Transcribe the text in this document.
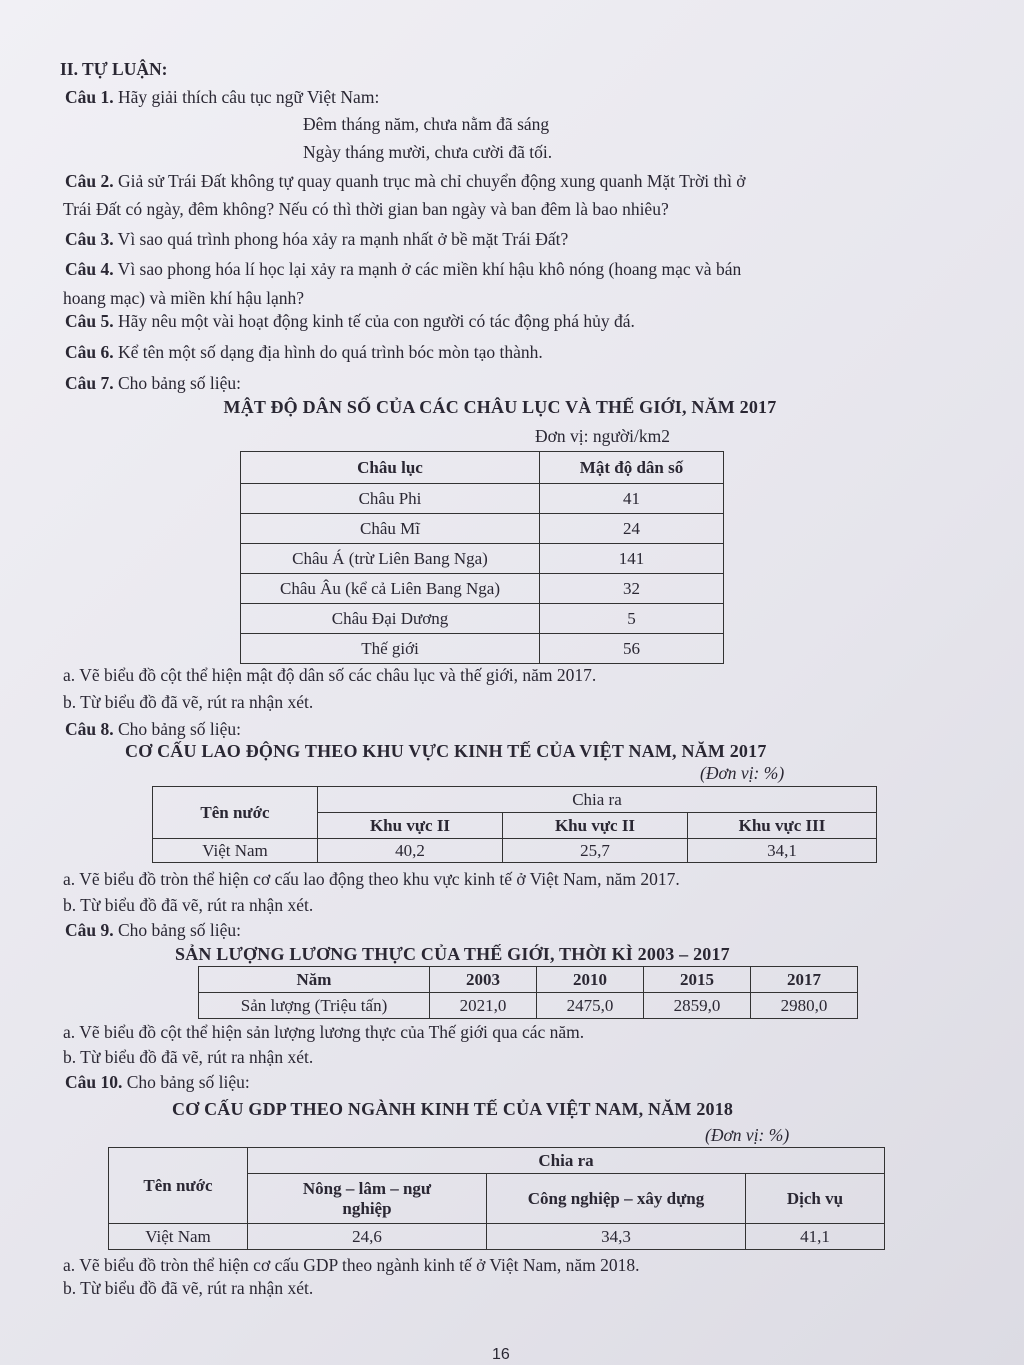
II. TỰ LUẬN:
Câu 1. Hãy giải thích câu tục ngữ Việt Nam:
Đêm tháng năm, chưa nằm đã sáng
Ngày tháng mười, chưa cười đã tối.
Câu 2. Giả sử Trái Đất không tự quay quanh trục mà chỉ chuyển động xung quanh Mặt Trời thì ở
Trái Đất có ngày, đêm không? Nếu có thì thời gian ban ngày và ban đêm là bao nhiêu?
Câu 3. Vì sao quá trình phong hóa xảy ra mạnh nhất ở bề mặt Trái Đất?
Câu 4. Vì sao phong hóa lí học lại xảy ra mạnh ở các miền khí hậu khô nóng (hoang mạc và bán
hoang mạc) và miền khí hậu lạnh?
Câu 5. Hãy nêu một vài hoạt động kinh tế của con người có tác động phá hủy đá.
Câu 6. Kể tên một số dạng địa hình do quá trình bóc mòn tạo thành.
Câu 7. Cho bảng số liệu:
MẬT ĐỘ DÂN SỐ CỦA CÁC CHÂU LỤC VÀ THẾ GIỚI, NĂM 2017
Đơn vị: người/km2
Châu lục	Mật độ dân số
Châu Phi	41
Châu Mĩ	24
Châu Á (trừ Liên Bang Nga)	141
Châu Âu (kể cả Liên Bang Nga)	32
Châu Đại Dương	5
Thế giới	56
a. Vẽ biểu đồ cột thể hiện mật độ dân số các châu lục và thế giới, năm 2017.
b. Từ biểu đồ đã vẽ, rút ra nhận xét.
Câu 8. Cho bảng số liệu:
CƠ CẤU LAO ĐỘNG THEO KHU VỰC KINH TẾ CỦA VIỆT NAM, NĂM 2017
(Đơn vị: %)
Tên nước	Chia ra		
	Khu vực II	Khu vực II	Khu vực III
Việt Nam	40,2	25,7	34,1
a. Vẽ biểu đồ tròn thể hiện cơ cấu lao động theo khu vực kinh tế ở Việt Nam, năm 2017.
b. Từ biểu đồ đã vẽ, rút ra nhận xét.
Câu 9. Cho bảng số liệu:
SẢN LƯỢNG LƯƠNG THỰC CỦA THẾ GIỚI, THỜI KÌ 2003 – 2017
Năm	2003	2010	2015	2017
Sản lượng (Triệu tấn)	2021,0	2475,0	2859,0	2980,0
a. Vẽ biểu đồ cột thể hiện sản lượng lương thực của Thế giới qua các năm.
b. Từ biểu đồ đã vẽ, rút ra nhận xét.
Câu 10. Cho bảng số liệu:
CƠ CẤU GDP THEO NGÀNH KINH TẾ CỦA VIỆT NAM, NĂM 2018
(Đơn vị: %)
Tên nước	Chia ra		
	Nông – lâm – ngư
nghiệp	Công nghiệp – xây dựng	Dịch vụ
Việt Nam	24,6	34,3	41,1
a. Vẽ biểu đồ tròn thể hiện cơ cấu GDP theo ngành kinh tế ở Việt Nam, năm 2018.
b. Từ biểu đồ đã vẽ, rút ra nhận xét.
16
